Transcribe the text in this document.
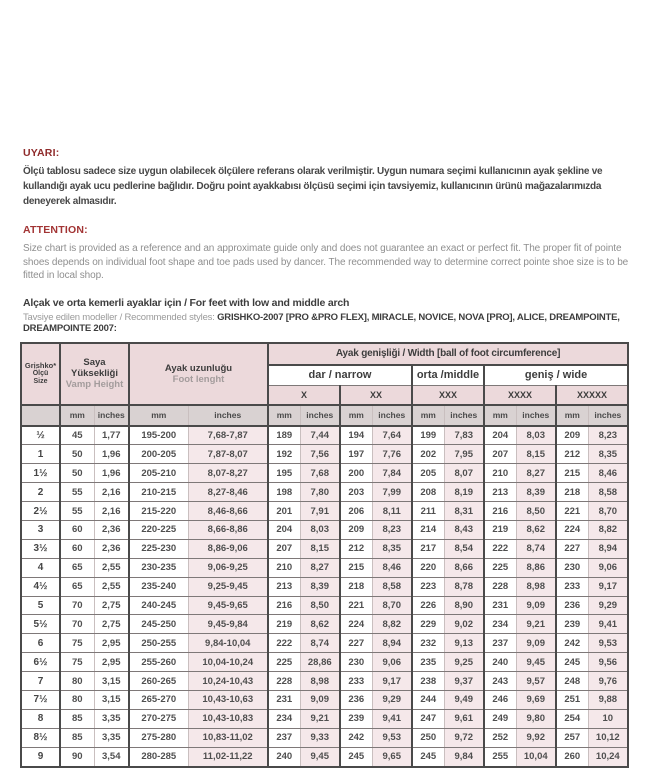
UYARI:

Ölçü tablosu sadece size uygun olabilecek ölçülere referans olarak verilmiştir. Uygun numara seçimi kullanıcının ayak şekline ve kullandığı ayak ucu pedlerine bağlıdır. Doğru point ayakkabısı ölçüsü seçimi için tavsiyemiz, kullanıcının ürünü mağazalarımızda deneyerek almasıdır.

ATTENTION:

Size chart is provided as a reference and an approximate guide only and does not guarantee an exact or perfect fit. The proper fit of pointe shoes depends on individual foot shape and toe pads used by dancer. The recommended way to determine correct pointe shoe size is to be fitted in local shop.

Alçak ve orta kemerli ayaklar için / For feet with low and middle arch
Tavsiye edilen modeller / Recommended styles: GRISHKO-2007 [PRO &PRO FLEX], MIRACLE, NOVICE, NOVA [PRO], ALICE, DREAMPOINTE, DREAMPOINTE 2007:
Grishko*
Ölçü
Size

Saya Yüksekliği
Vamp Height

Ayak uzunluğu
Foot lenght
	Ayak genişliği / Width [ball of foot circumference]
					dar / narrow				orta /middle		geniş / wide			
					X		XX		XXX		XXXX		XXXXX	
	mm	inches	mm	inches	mm	inches	mm	inches	mm	inches	mm	inches	mm	inches
½	45	1,77	195-200	7,68-7,87	189	7,44	194	7,64	199	7,83	204	8,03	209	8,23
1	50	1,96	200-205	7,87-8,07	192	7,56	197	7,76	202	7,95	207	8,15	212	8,35
1½	50	1,96	205-210	8,07-8,27	195	7,68	200	7,84	205	8,07	210	8,27	215	8,46
2	55	2,16	210-215	8,27-8,46	198	7,80	203	7,99	208	8,19	213	8,39	218	8,58
2½	55	2,16	215-220	8,46-8,66	201	7,91	206	8,11	211	8,31	216	8,50	221	8,70
3	60	2,36	220-225	8,66-8,86	204	8,03	209	8,23	214	8,43	219	8,62	224	8,82
3½	60	2,36	225-230	8,86-9,06	207	8,15	212	8,35	217	8,54	222	8,74	227	8,94
4	65	2,55	230-235	9,06-9,25	210	8,27	215	8,46	220	8,66	225	8,86	230	9,06
4½	65	2,55	235-240	9,25-9,45	213	8,39	218	8,58	223	8,78	228	8,98	233	9,17
5	70	2,75	240-245	9,45-9,65	216	8,50	221	8,70	226	8,90	231	9,09	236	9,29
5½	70	2,75	245-250	9,45-9,84	219	8,62	224	8,82	229	9,02	234	9,21	239	9,41
6	75	2,95	250-255	9,84-10,04	222	8,74	227	8,94	232	9,13	237	9,09	242	9,53
6½	75	2,95	255-260	10,04-10,24	225	28,86	230	9,06	235	9,25	240	9,45	245	9,56
7	80	3,15	260-265	10,24-10,43	228	8,98	233	9,17	238	9,37	243	9,57	248	9,76
7½	80	3,15	265-270	10,43-10,63	231	9,09	236	9,29	244	9,49	246	9,69	251	9,88
8	85	3,35	270-275	10,43-10,83	234	9,21	239	9,41	247	9,61	249	9,80	254	10
8½	85	3,35	275-280	10,83-11,02	237	9,33	242	9,53	250	9,72	252	9,92	257	10,12
9	90	3,54	280-285	11,02-11,22	240	9,45	245	9,65	245	9,84	255	10,04	260	10,24
